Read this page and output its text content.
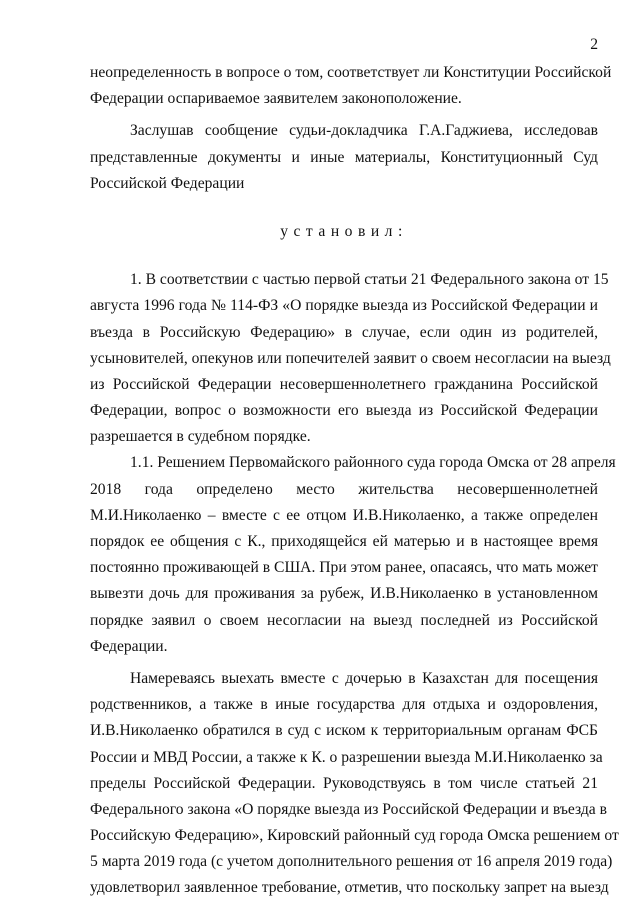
2
неопределенность в вопросе о том, соответствует ли Конституции Российской
Федерации оспариваемое заявителем законоположение.
Заслушав сообщение судьи-докладчика Г.А.Гаджиева, исследовав
представленные документы и иные материалы, Конституционный Суд
Российской Федерации
установил:
1. В соответствии с частью первой статьи 21 Федерального закона от 15
августа 1996 года № 114-ФЗ «О порядке выезда из Российской Федерации и
въезда в Российскую Федерацию» в случае, если один из родителей,
усыновителей, опекунов или попечителей заявит о своем несогласии на выезд
из Российской Федерации несовершеннолетнего гражданина Российской
Федерации, вопрос о возможности его выезда из Российской Федерации
разрешается в судебном порядке.
1.1. Решением Первомайского районного суда города Омска от 28 апреля
2018 года определено место жительства несовершеннолетней
М.И.Николаенко – вместе с ее отцом И.В.Николаенко, а также определен
порядок ее общения с К., приходящейся ей матерью и в настоящее время
постоянно проживающей в США. При этом ранее, опасаясь, что мать может
вывезти дочь для проживания за рубеж, И.В.Николаенко в установленном
порядке заявил о своем несогласии на выезд последней из Российской
Федерации.
Намереваясь выехать вместе с дочерью в Казахстан для посещения
родственников, а также в иные государства для отдыха и оздоровления,
И.В.Николаенко обратился в суд с иском к территориальным органам ФСБ
России и МВД России, а также к К. о разрешении выезда М.И.Николаенко за
пределы Российской Федерации. Руководствуясь в том числе статьей 21
Федерального закона «О порядке выезда из Российской Федерации и въезда в
Российскую Федерацию», Кировский районный суд города Омска решением от
5 марта 2019 года (с учетом дополнительного решения от 16 апреля 2019 года)
удовлетворил заявленное требование, отметив, что поскольку запрет на выезд
